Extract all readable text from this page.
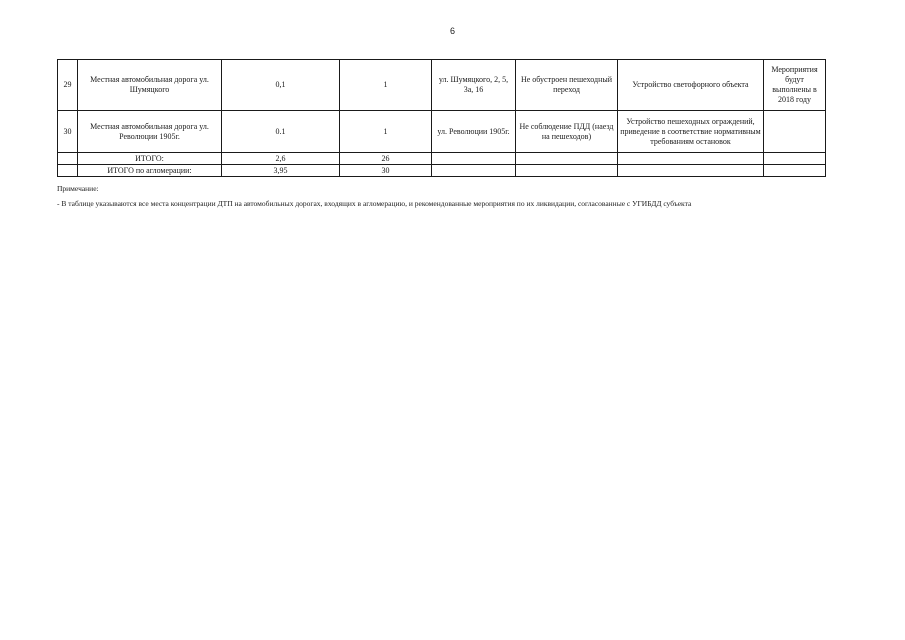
6
29	Местная автомобильная дорога ул. Шумяцкого	0,1	1	ул. Шумяцкого, 2, 5, 3а, 16	Не обустроен пешеходный переход	Устройство светофорного объекта	Мероприятия будут выполнены в 2018 году
30	Местная автомобильная дорога ул. Революции 1905г.	0.1	1	ул. Революции 1905г.	Не соблюдение ПДД (наезд на пешеходов)	Устройство пешеходных ограждений, приведение в соответствие нормативным требованиям остановок	
	ИТОГО:	2,6	26				
	ИТОГО по агломерации:	3,95	30				

Примечание:

- В таблице указываются все места концентрации ДТП на автомобильных дорогах, входящих в агломерацию, и рекомендованные мероприятия по их ликвидации, согласованные с УГИБДД субъекта
